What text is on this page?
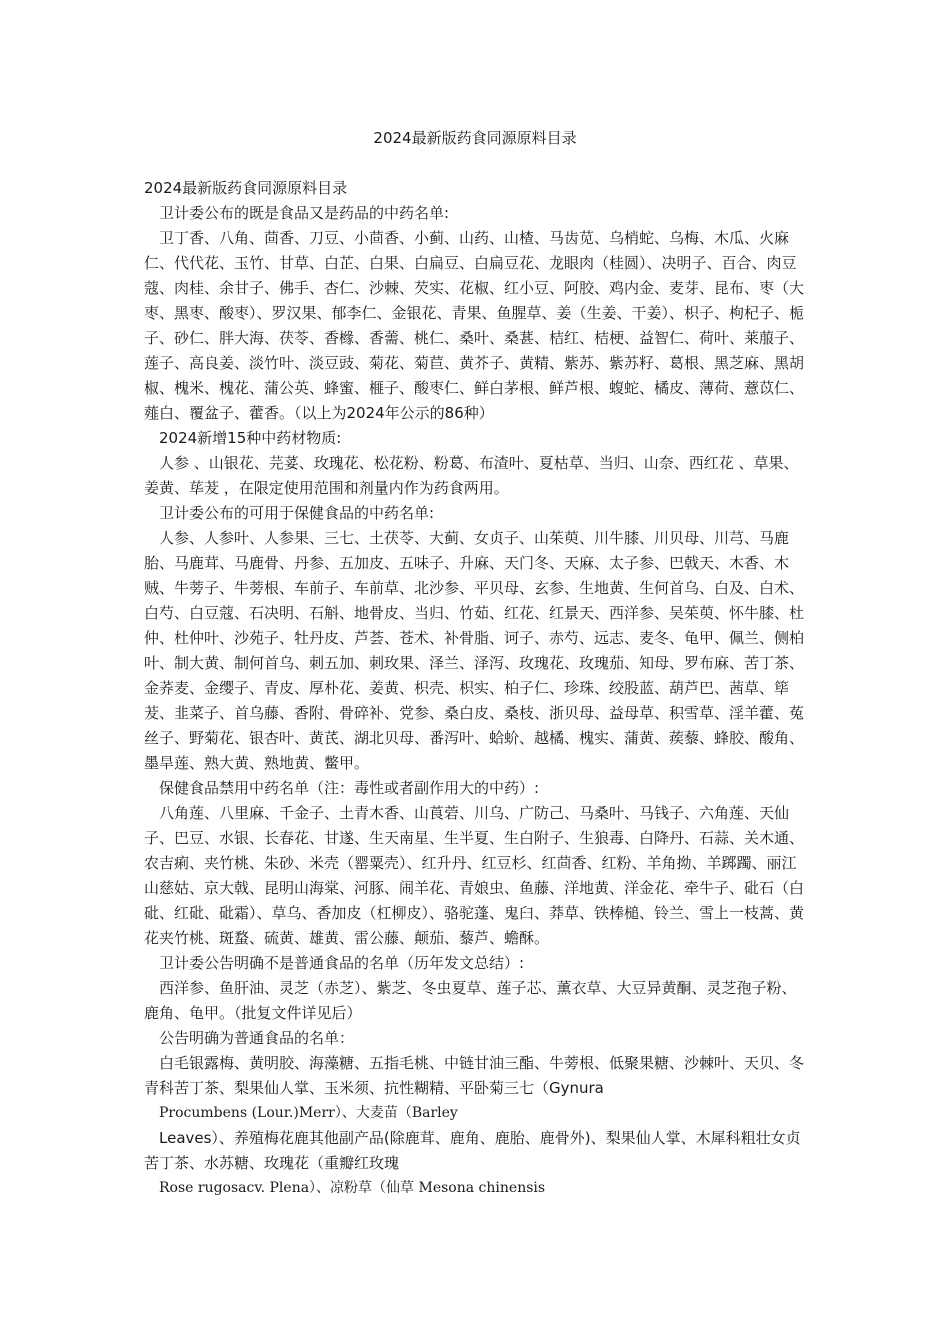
2024最新版药食同源原料目录

2024最新版药食同源原料目录

卫计委公布的既是食品又是药品的中药名单:

卫丁香、八角、茴香、刀豆、小茴香、小蓟、山药、山楂、马齿苋、乌梢蛇、乌梅、木瓜、火麻仁、代代花、玉竹、甘草、白芷、白果、白扁豆、白扁豆花、龙眼肉（桂圆）、决明子、百合、肉豆蔻、肉桂、余甘子、佛手、杏仁、沙棘、芡实、花椒、红小豆、阿胶、鸡内金、麦芽、昆布、枣（大枣、黑枣、酸枣）、罗汉果、郁李仁、金银花、青果、鱼腥草、姜（生姜、干姜）、枳子、枸杞子、栀子、砂仁、胖大海、茯苓、香橼、香薷、桃仁、桑叶、桑葚、桔红、桔梗、益智仁、荷叶、莱菔子、莲子、高良姜、淡竹叶、淡豆豉、菊花、菊苣、黄芥子、黄精、紫苏、紫苏籽、葛根、黑芝麻、黑胡椒、槐米、槐花、蒲公英、蜂蜜、榧子、酸枣仁、鲜白茅根、鲜芦根、蝮蛇、橘皮、薄荷、薏苡仁、薤白、覆盆子、藿香。（以上为2024年公示的86种）

2024新增15种中药材物质:

人参 、山银花、芫荽、玫瑰花、松花粉、粉葛、布渣叶、夏枯草、当归、山奈、西红花 、草果、姜黄、荜茇 ，在限定使用范围和剂量内作为药食两用。

卫计委公布的可用于保健食品的中药名单:

人参、人参叶、人参果、三七、土茯苓、大蓟、女贞子、山茱萸、川牛膝、川贝母、川芎、马鹿胎、马鹿茸、马鹿骨、丹参、五加皮、五味子、升麻、天门冬、天麻、太子参、巴戟天、木香、木贼、牛蒡子、牛蒡根、车前子、车前草、北沙参、平贝母、玄参、生地黄、生何首乌、白及、白术、白芍、白豆蔻、石决明、石斛、地骨皮、当归、竹茹、红花、红景天、西洋参、吴茱萸、怀牛膝、杜仲、杜仲叶、沙苑子、牡丹皮、芦荟、苍术、补骨脂、诃子、赤芍、远志、麦冬、龟甲、佩兰、侧柏叶、制大黄、制何首乌、刺五加、刺玫果、泽兰、泽泻、玫瑰花、玫瑰茄、知母、罗布麻、苦丁茶、金荞麦、金缨子、青皮、厚朴花、姜黄、枳壳、枳实、柏子仁、珍珠、绞股蓝、葫芦巴、茜草、筚茇、韭菜子、首乌藤、香附、骨碎补、党参、桑白皮、桑枝、浙贝母、益母草、积雪草、淫羊藿、菟丝子、野菊花、银杏叶、黄芪、湖北贝母、番泻叶、蛤蚧、越橘、槐实、蒲黄、蒺藜、蜂胶、酸角、墨旱莲、熟大黄、熟地黄、鳖甲。

保健食品禁用中药名单（注：毒性或者副作用大的中药）:

八角莲、八里麻、千金子、土青木香、山莨菪、川乌、广防己、马桑叶、马钱子、六角莲、天仙子、巴豆、水银、长春花、甘遂、生天南星、生半夏、生白附子、生狼毒、白降丹、石蒜、关木通、农吉痢、夹竹桃、朱砂、米壳（罂粟壳）、红升丹、红豆杉、红茴香、红粉、羊角拗、羊踯躅、丽江山慈姑、京大戟、昆明山海棠、河豚、闹羊花、青娘虫、鱼藤、洋地黄、洋金花、牵牛子、砒石（白砒、红砒、砒霜）、草乌、香加皮（杠柳皮）、骆驼蓬、鬼臼、莽草、铁棒槌、铃兰、雪上一枝蒿、黄花夹竹桃、斑蝥、硫黄、雄黄、雷公藤、颠茄、藜芦、蟾酥。

卫计委公告明确不是普通食品的名单（历年发文总结）:

西洋参、鱼肝油、灵芝（赤芝）、紫芝、冬虫夏草、莲子芯、薰衣草、大豆异黄酮、灵芝孢子粉、鹿角、龟甲。（批复文件详见后）

公告明确为普通食品的名单：

白毛银露梅、黄明胶、海藻糖、五指毛桃、中链甘油三酯、牛蒡根、低聚果糖、沙棘叶、天贝、冬青科苦丁茶、梨果仙人掌、玉米须、抗性糊精、平卧菊三七（Gynura

Procumbens (Lour.)Merr）、大麦苗（Barley

Leaves）、养殖梅花鹿其他副产品(除鹿茸、鹿角、鹿胎、鹿骨外)、梨果仙人掌、木犀科粗壮女贞苦丁茶、水苏糖、玫瑰花（重瓣红玫瑰

Rose rugosacv. Plena）、凉粉草（仙草 Mesona chinensis
